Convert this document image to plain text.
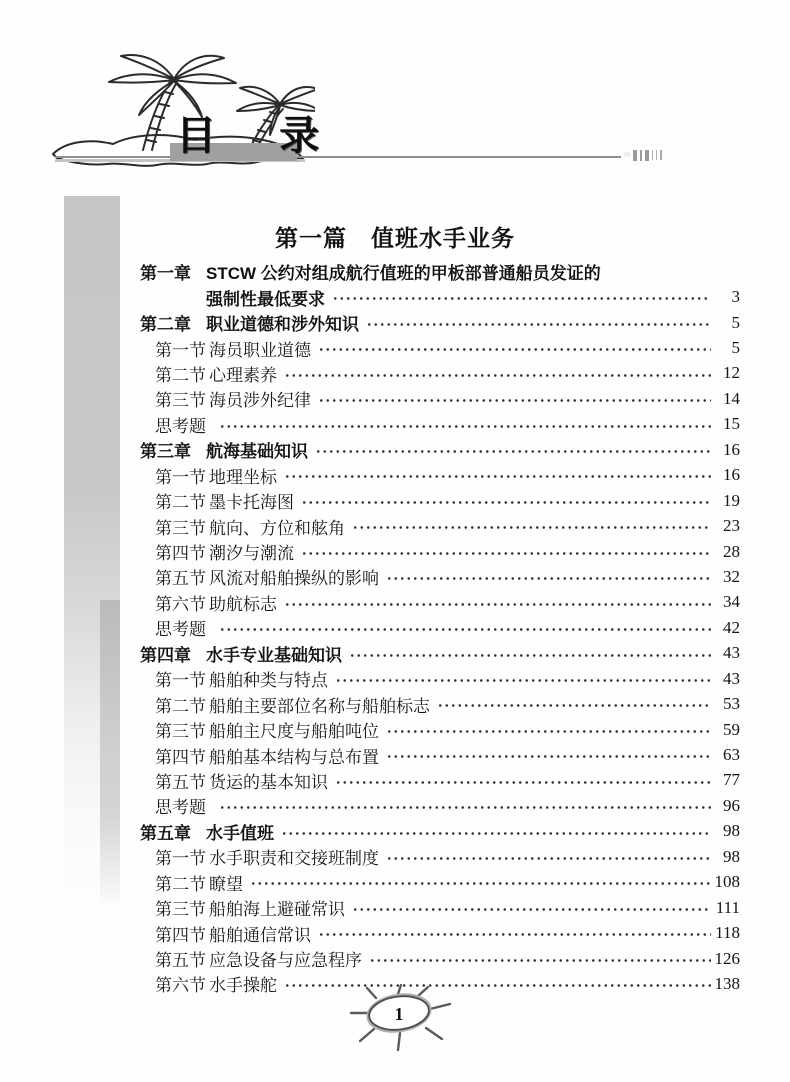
≈
目 录
第一篇　值班水手业务
第一章 STCW 公约对组成航行值班的甲板部普通船员发证的
强制性最低要求	3
第二章 职业道德和涉外知识	5
第一节 海员职业道德	5
第二节 心理素养	12
第三节 海员涉外纪律	14
思考题	15
第三章 航海基础知识	16
第一节 地理坐标	16
第二节 墨卡托海图	19
第三节 航向、方位和舷角	23
第四节 潮汐与潮流	28
第五节 风流对船舶操纵的影响	32
第六节 助航标志	34
思考题	42
第四章 水手专业基础知识	43
第一节 船舶种类与特点	43
第二节 船舶主要部位名称与船舶标志	53
第三节 船舶主尺度与船舶吨位	59
第四节 船舶基本结构与总布置	63
第五节 货运的基本知识	77
思考题	96
第五章 水手值班	98
第一节 水手职责和交接班制度	98
第二节 瞭望	108
第三节 船舶海上避碰常识	111
第四节 船舶通信常识	118
第五节 应急设备与应急程序	126
第六节 水手操舵	138
1
